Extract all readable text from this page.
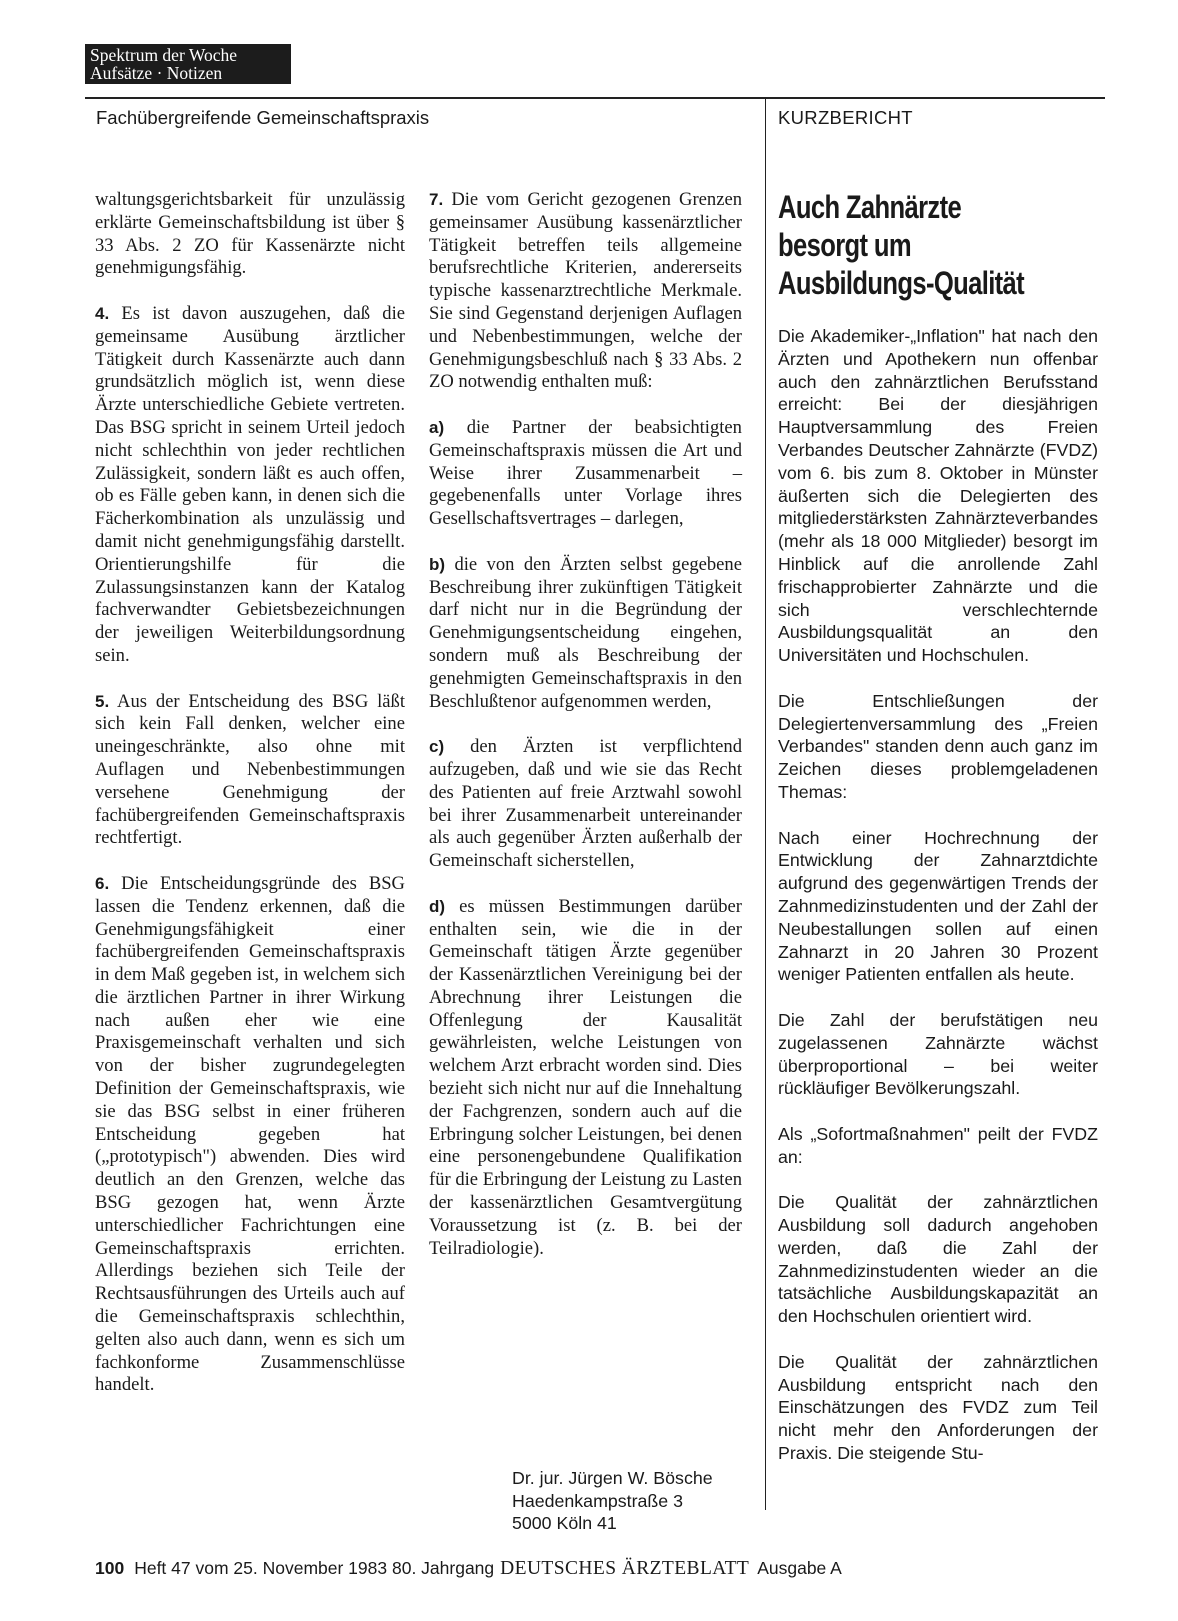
Spektrum der Woche
Aufsätze · Notizen
Fachübergreifende Gemeinschaftspraxis	KURZBERICHT

waltungsgerichtsbarkeit für unzulässig erklärte Gemeinschaftsbildung ist über § 33 Abs. 2 ZO für Kassenärzte nicht genehmigungsfähig.

4. Es ist davon auszugehen, daß die gemeinsame Ausübung ärztlicher Tätigkeit durch Kassenärzte auch dann grundsätzlich möglich ist, wenn diese Ärzte unterschiedliche Gebiete vertreten. Das BSG spricht in seinem Urteil jedoch nicht schlechthin von jeder rechtlichen Zulässigkeit, sondern läßt es auch offen, ob es Fälle geben kann, in denen sich die Fächerkombination als unzulässig und damit nicht genehmigungsfähig darstellt. Orientierungshilfe für die Zulassungsinstanzen kann der Katalog fachverwandter Gebietsbezeichnungen der jeweiligen Weiterbildungsordnung sein.

5. Aus der Entscheidung des BSG läßt sich kein Fall denken, welcher eine uneingeschränkte, also ohne mit Auflagen und Nebenbestimmungen versehene Genehmigung der fachübergreifenden Gemeinschaftspraxis rechtfertigt.

6. Die Entscheidungsgründe des BSG lassen die Tendenz erkennen, daß die Genehmigungsfähigkeit einer fachübergreifenden Gemeinschaftspraxis in dem Maß gegeben ist, in welchem sich die ärztlichen Partner in ihrer Wirkung nach außen eher wie eine Praxisgemeinschaft verhalten und sich von der bisher zugrundegelegten Definition der Gemeinschaftspraxis, wie sie das BSG selbst in einer früheren Entscheidung gegeben hat („prototypisch") abwenden. Dies wird deutlich an den Grenzen, welche das BSG gezogen hat, wenn Ärzte unterschiedlicher Fachrichtungen eine Gemeinschaftspraxis errichten. Allerdings beziehen sich Teile der Rechtsausführungen des Urteils auch auf die Gemeinschaftspraxis schlechthin, gelten also auch dann, wenn es sich um fachkonforme Zusammenschlüsse handelt.

7. Die vom Gericht gezogenen Grenzen gemeinsamer Ausübung kassenärztlicher Tätigkeit betreffen teils allgemeine berufsrechtliche Kriterien, andererseits typische kassenarztrechtliche Merkmale. Sie sind Gegenstand derjenigen Auflagen und Nebenbestimmungen, welche der Genehmigungsbeschluß nach § 33 Abs. 2 ZO notwendig enthalten muß:

a) die Partner der beabsichtigten Gemeinschaftspraxis müssen die Art und Weise ihrer Zusammenarbeit – gegebenenfalls unter Vorlage ihres Gesellschaftsvertrages – darlegen,

b) die von den Ärzten selbst gegebene Beschreibung ihrer zukünftigen Tätigkeit darf nicht nur in die Begründung der Genehmigungsentscheidung eingehen, sondern muß als Beschreibung der genehmigten Gemeinschaftspraxis in den Beschlußtenor aufgenommen werden,

c) den Ärzten ist verpflichtend aufzugeben, daß und wie sie das Recht des Patienten auf freie Arztwahl sowohl bei ihrer Zusammenarbeit untereinander als auch gegenüber Ärzten außerhalb der Gemeinschaft sicherstellen,

d) es müssen Bestimmungen darüber enthalten sein, wie die in der Gemeinschaft tätigen Ärzte gegenüber der Kassenärztlichen Vereinigung bei der Abrechnung ihrer Leistungen die Offenlegung der Kausalität gewährleisten, welche Leistungen von welchem Arzt erbracht worden sind. Dies bezieht sich nicht nur auf die Innehaltung der Fachgrenzen, sondern auch auf die Erbringung solcher Leistungen, bei denen eine personengebundene Qualifikation für die Erbringung der Leistung zu Lasten der kassenärztlichen Gesamtvergütung Voraussetzung ist (z. B. bei der Teilradiologie).

Dr. jur. Jürgen W. Bösche
Haedenkampstraße 3
5000 Köln 41
Auch Zahnärzte
besorgt um
Ausbildungs-Qualität

Die Akademiker-„Inflation" hat nach den Ärzten und Apothekern nun offenbar auch den zahnärztlichen Berufsstand erreicht: Bei der diesjährigen Hauptversammlung des Freien Verbandes Deutscher Zahnärzte (FVDZ) vom 6. bis zum 8. Oktober in Münster äußerten sich die Delegierten des mitgliederstärksten Zahnärzteverbandes (mehr als 18 000 Mitglieder) besorgt im Hinblick auf die anrollende Zahl frischapprobierter Zahnärzte und die sich verschlechternde Ausbildungsqualität an den Universitäten und Hochschulen.

Die Entschließungen der Delegiertenversammlung des „Freien Verbandes" standen denn auch ganz im Zeichen dieses problemgeladenen Themas:

Nach einer Hochrechnung der Entwicklung der Zahnarztdichte aufgrund des gegenwärtigen Trends der Zahnmedizinstudenten und der Zahl der Neubestallungen sollen auf einen Zahnarzt in 20 Jahren 30 Prozent weniger Patienten entfallen als heute.

Die Zahl der berufstätigen neu zugelassenen Zahnärzte wächst überproportional – bei weiter rückläufiger Bevölkerungszahl.

Als „Sofortmaßnahmen" peilt der FVDZ an:

Die Qualität der zahnärztlichen Ausbildung soll dadurch angehoben werden, daß die Zahl der Zahnmedizinstudenten wieder an die tatsächliche Ausbildungskapazität an den Hochschulen orientiert wird.

Die Qualität der zahnärztlichen Ausbildung entspricht nach den Einschätzungen des FVDZ zum Teil nicht mehr den Anforderungen der Praxis. Die steigende Stu-

100 Heft 47 vom 25. November 1983 80. Jahrgang DEUTSCHES ÄRZTEBLATT Ausgabe A
